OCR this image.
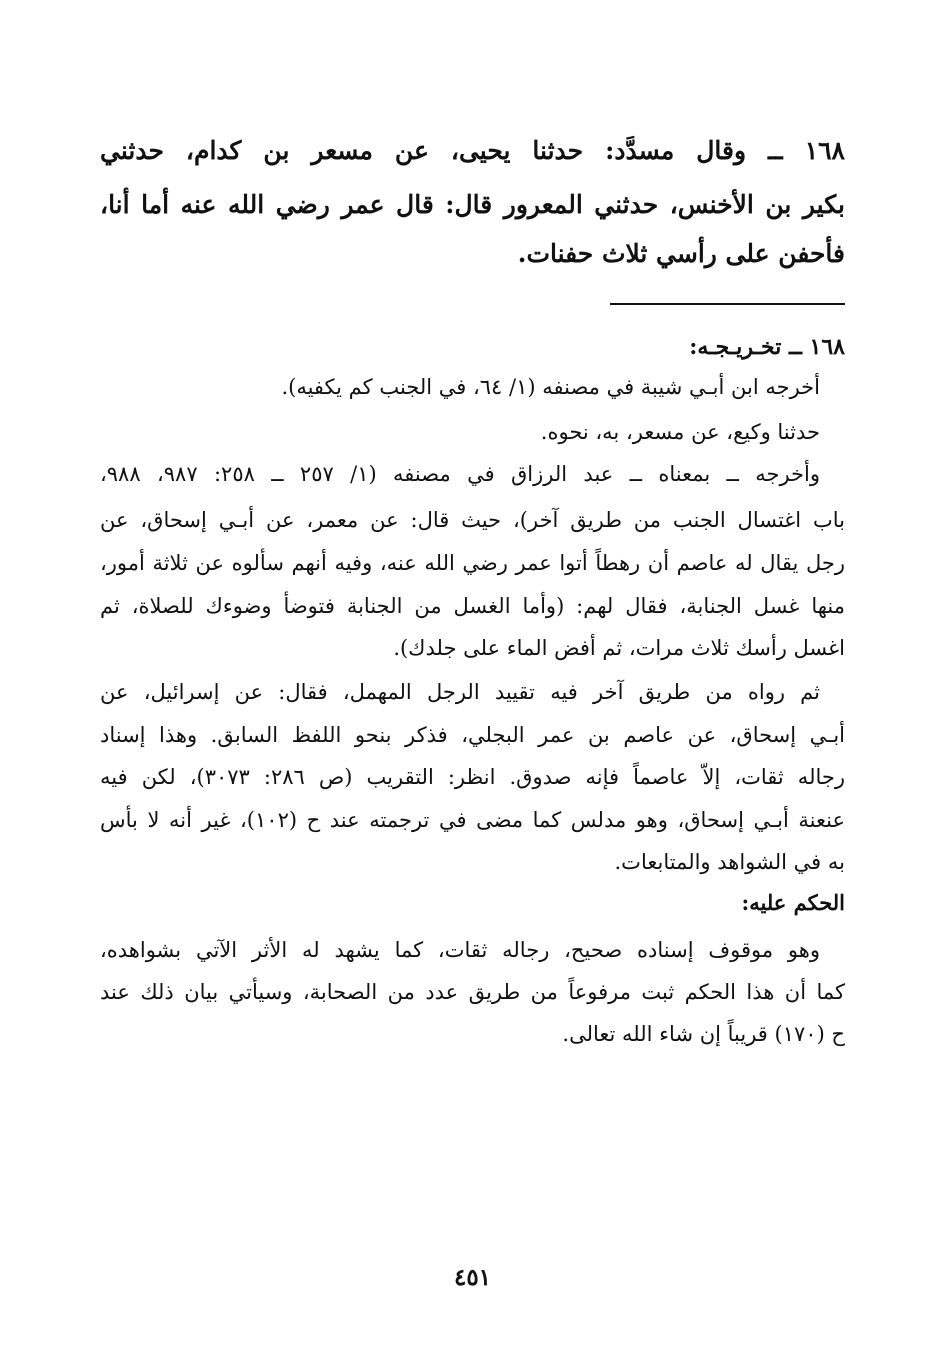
١٦٨ ــ وقال مسدَّد: حدثنا يحيى، عن مسعر بن كدام، حدثني
بكير بن الأخنس، حدثني المعرور قال: قال عمر رضي الله عنه أما أنا،
فأحفن على رأسي ثلاث حفنات.
١٦٨ ــ تخـريـجـه:
أخرجه ابن أبـي شيبة في مصنفه (١/ ٦٤، في الجنب كم يكفيه).
حدثنا وكيع، عن مسعر، به، نحوه.
وأخرجه ــ بمعناه ــ عبد الرزاق في مصنفه (١/ ٢٥٧ ــ ٢٥٨: ٩٨٧، ٩٨٨،
باب اغتسال الجنب من طريق آخر)، حيث قال: عن معمر، عن أبـي إسحاق، عن
رجل يقال له عاصم أن رهطاً أتوا عمر رضي الله عنه، وفيه أنهم سألوه عن ثلاثة أمور،
منها غسل الجنابة، فقال لهم: (وأما الغسل من الجنابة فتوضأ وضوءك للصلاة، ثم
اغسل رأسك ثلاث مرات، ثم أفض الماء على جلدك).
ثم رواه من طريق آخر فيه تقييد الرجل المهمل، فقال: عن إسرائيل، عن
أبـي إسحاق، عن عاصم بن عمر البجلي، فذكر بنحو اللفظ السابق. وهذا إسناد
رجاله ثقات، إلاّ عاصماً فإنه صدوق. انظر: التقريب (ص ٢٨٦: ٣٠٧٣)، لكن فيه
عنعنة أبـي إسحاق، وهو مدلس كما مضى في ترجمته عند ح (١٠٢)، غير أنه لا بأس
به في الشواهد والمتابعات.
الحكم عليه:
وهو موقوف إسناده صحيح، رجاله ثقات، كما يشهد له الأثر الآتي بشواهده،
كما أن هذا الحكم ثبت مرفوعاً من طريق عدد من الصحابة، وسيأتي بيان ذلك عند
ح (١٧٠) قريباً إن شاء الله تعالى.
٤٥١
